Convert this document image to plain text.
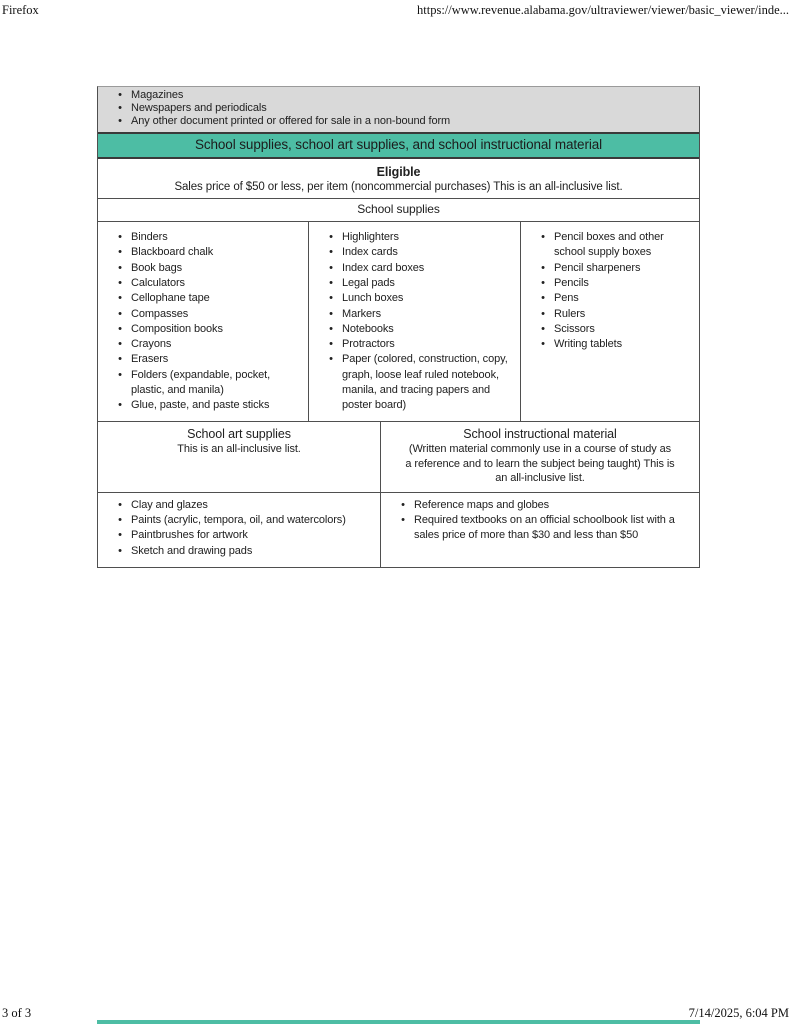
Firefox	https://www.revenue.alabama.gov/ultraviewer/viewer/basic_viewer/inde...
• Magazines
• Newspapers and periodicals
• Any other document printed or offered for sale in a non-bound form
School supplies, school art supplies, and school instructional material
Eligible
Sales price of $50 or less, per item (noncommercial purchases) This is an all-inclusive list.
School supplies
• Binders
• Blackboard chalk
• Book bags
• Calculators
• Cellophane tape
• Compasses
• Composition books
• Crayons
• Erasers
• Folders (expandable, pocket, plastic, and manila)
• Glue, paste, and paste sticks
• Highlighters
• Index cards
• Index card boxes
• Legal pads
• Lunch boxes
• Markers
• Notebooks
• Protractors
• Paper (colored, construction, copy, graph, loose leaf ruled notebook, manila, and tracing papers and poster board)
• Pencil boxes and other school supply boxes
• Pencil sharpeners
• Pencils
• Pens
• Rulers
• Scissors
• Writing tablets
School art supplies
This is an all-inclusive list.
School instructional material
(Written material commonly use in a course of study as a reference and to learn the subject being taught) This is an all-inclusive list.
• Clay and glazes
• Paints (acrylic, tempora, oil, and watercolors)
• Paintbrushes for artwork
• Sketch and drawing pads
• Reference maps and globes
• Required textbooks on an official schoolbook list with a sales price of more than $30 and less than $50
3 of 3	7/14/2025, 6:04 PM
